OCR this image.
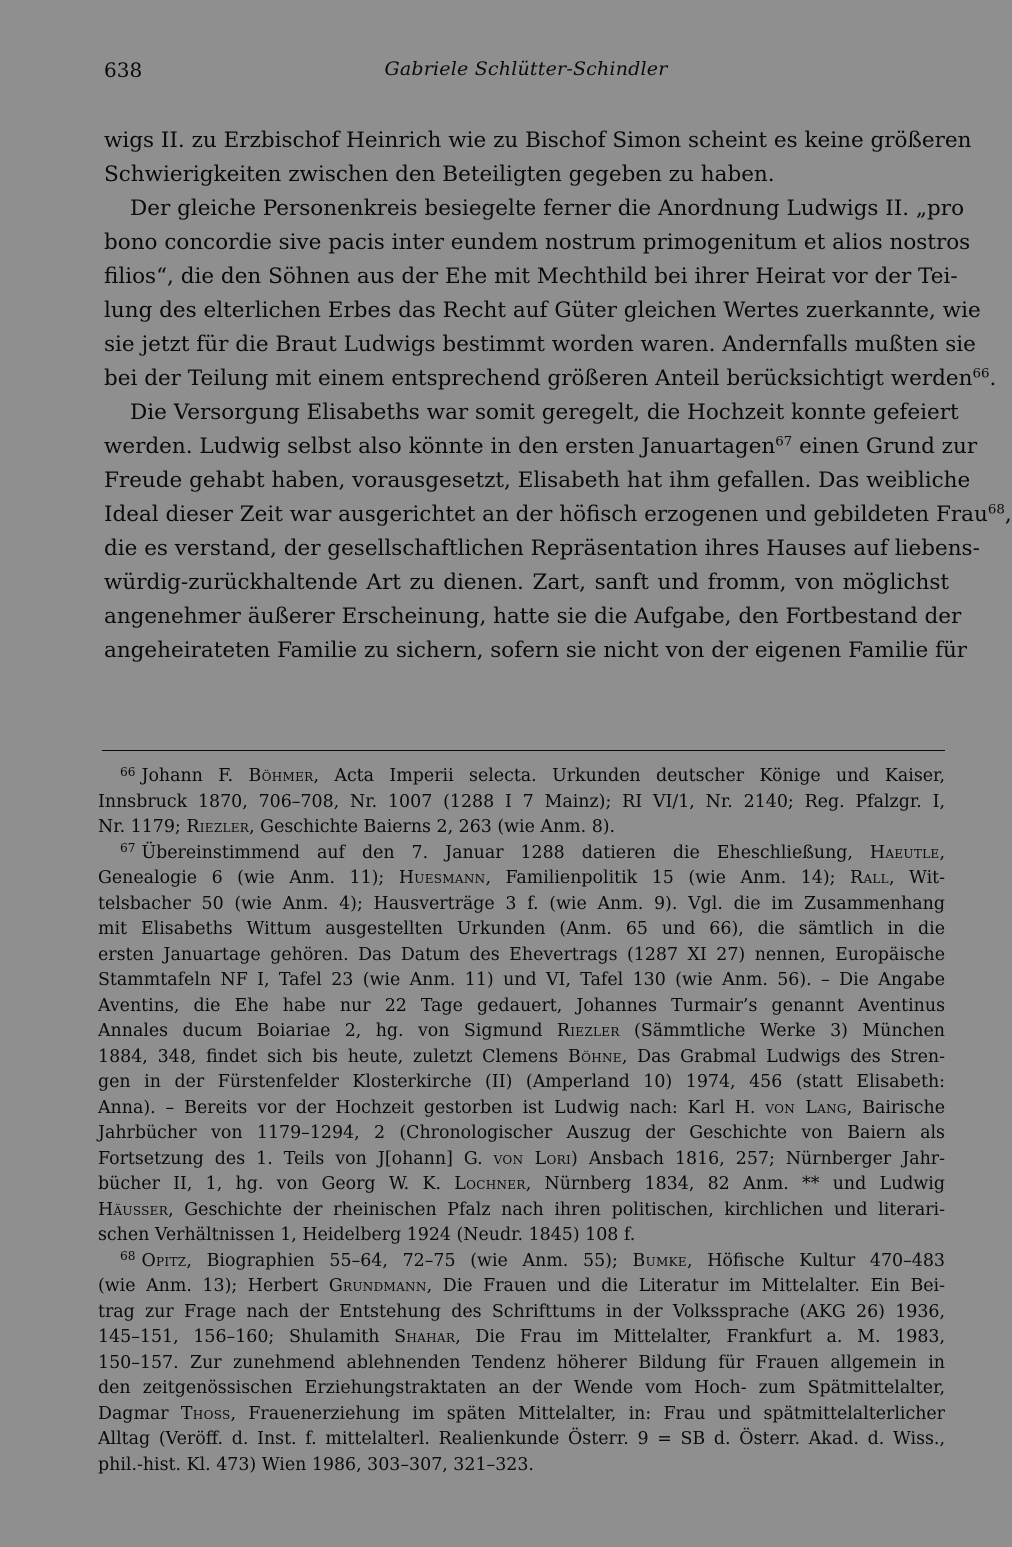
638	Gabriele Schlütter-Schindler
wigs II. zu Erzbischof Heinrich wie zu Bischof Simon scheint es keine größeren
Schwierigkeiten zwischen den Beteiligten gegeben zu haben.
Der gleiche Personenkreis besiegelte ferner die Anordnung Ludwigs II. „pro
bono concordie sive pacis inter eundem nostrum primogenitum et alios nostros
filios“, die den Söhnen aus der Ehe mit Mechthild bei ihrer Heirat vor der Tei-
lung des elterlichen Erbes das Recht auf Güter gleichen Wertes zuerkannte, wie
sie jetzt für die Braut Ludwigs bestimmt worden waren. Andernfalls mußten sie
bei der Teilung mit einem entsprechend größeren Anteil berücksichtigt werden$^{66}$.
Die Versorgung Elisabeths war somit geregelt, die Hochzeit konnte gefeiert
werden. Ludwig selbst also könnte in den ersten Januartagen$^{67}$ einen Grund zur
Freude gehabt haben, vorausgesetzt, Elisabeth hat ihm gefallen. Das weibliche
Ideal dieser Zeit war ausgerichtet an der höfisch erzogenen und gebildeten Frau$^{68}$,
die es verstand, der gesellschaftlichen Repräsentation ihres Hauses auf liebens-
würdig-zurückhaltende Art zu dienen. Zart, sanft und fromm, von möglichst
angenehmer äußerer Erscheinung, hatte sie die Aufgabe, den Fortbestand der
angeheirateten Familie zu sichern, sofern sie nicht von der eigenen Familie für
$^{66}$ Johann F. Böhmer, Acta Imperii selecta. Urkunden deutscher Könige und Kaiser,
Innsbruck 1870, 706–708, Nr. 1007 (1288 I 7 Mainz); RI VI/1, Nr. 2140; Reg. Pfalzgr. I,
Nr. 1179; Riezler, Geschichte Baierns 2, 263 (wie Anm. 8).
$^{67}$ Übereinstimmend auf den 7. Januar 1288 datieren die Eheschließung, Haeutle,
Genealogie 6 (wie Anm. 11); Huesmann, Familienpolitik 15 (wie Anm. 14); Rall, Wit-
telsbacher 50 (wie Anm. 4); Hausverträge 3 f. (wie Anm. 9). Vgl. die im Zusammenhang
mit Elisabeths Wittum ausgestellten Urkunden (Anm. 65 und 66), die sämtlich in die
ersten Januartage gehören. Das Datum des Ehevertrags (1287 XI 27) nennen, Europäische
Stammtafeln NF I, Tafel 23 (wie Anm. 11) und VI, Tafel 130 (wie Anm. 56). – Die Angabe
Aventins, die Ehe habe nur 22 Tage gedauert, Johannes Turmair’s genannt Aventinus
Annales ducum Boiariae 2, hg. von Sigmund Riezler (Sämmtliche Werke 3) München
1884, 348, findet sich bis heute, zuletzt Clemens Böhne, Das Grabmal Ludwigs des Stren-
gen in der Fürstenfelder Klosterkirche (II) (Amperland 10) 1974, 456 (statt Elisabeth:
Anna). – Bereits vor der Hochzeit gestorben ist Ludwig nach: Karl H. von Lang, Bairische
Jahrbücher von 1179–1294, 2 (Chronologischer Auszug der Geschichte von Baiern als
Fortsetzung des 1. Teils von J[ohann] G. von Lori) Ansbach 1816, 257; Nürnberger Jahr-
bücher II, 1, hg. von Georg W. K. Lochner, Nürnberg 1834, 82 Anm. ** und Ludwig
Häusser, Geschichte der rheinischen Pfalz nach ihren politischen, kirchlichen und literari-
schen Verhältnissen 1, Heidelberg 1924 (Neudr. 1845) 108 f.
$^{68}$ Opitz, Biographien 55–64, 72–75 (wie Anm. 55); Bumke, Höfische Kultur 470–483
(wie Anm. 13); Herbert Grundmann, Die Frauen und die Literatur im Mittelalter. Ein Bei-
trag zur Frage nach der Entstehung des Schrifttums in der Volkssprache (AKG 26) 1936,
145–151, 156–160; Shulamith Shahar, Die Frau im Mittelalter, Frankfurt a. M. 1983,
150–157. Zur zunehmend ablehnenden Tendenz höherer Bildung für Frauen allgemein in
den zeitgenössischen Erziehungstraktaten an der Wende vom Hoch- zum Spätmittelalter,
Dagmar Thoss, Frauenerziehung im späten Mittelalter, in: Frau und spätmittelalterlicher
Alltag (Veröff. d. Inst. f. mittelalterl. Realienkunde Österr. 9 = SB d. Österr. Akad. d. Wiss.,
phil.-hist. Kl. 473) Wien 1986, 303–307, 321–323.
